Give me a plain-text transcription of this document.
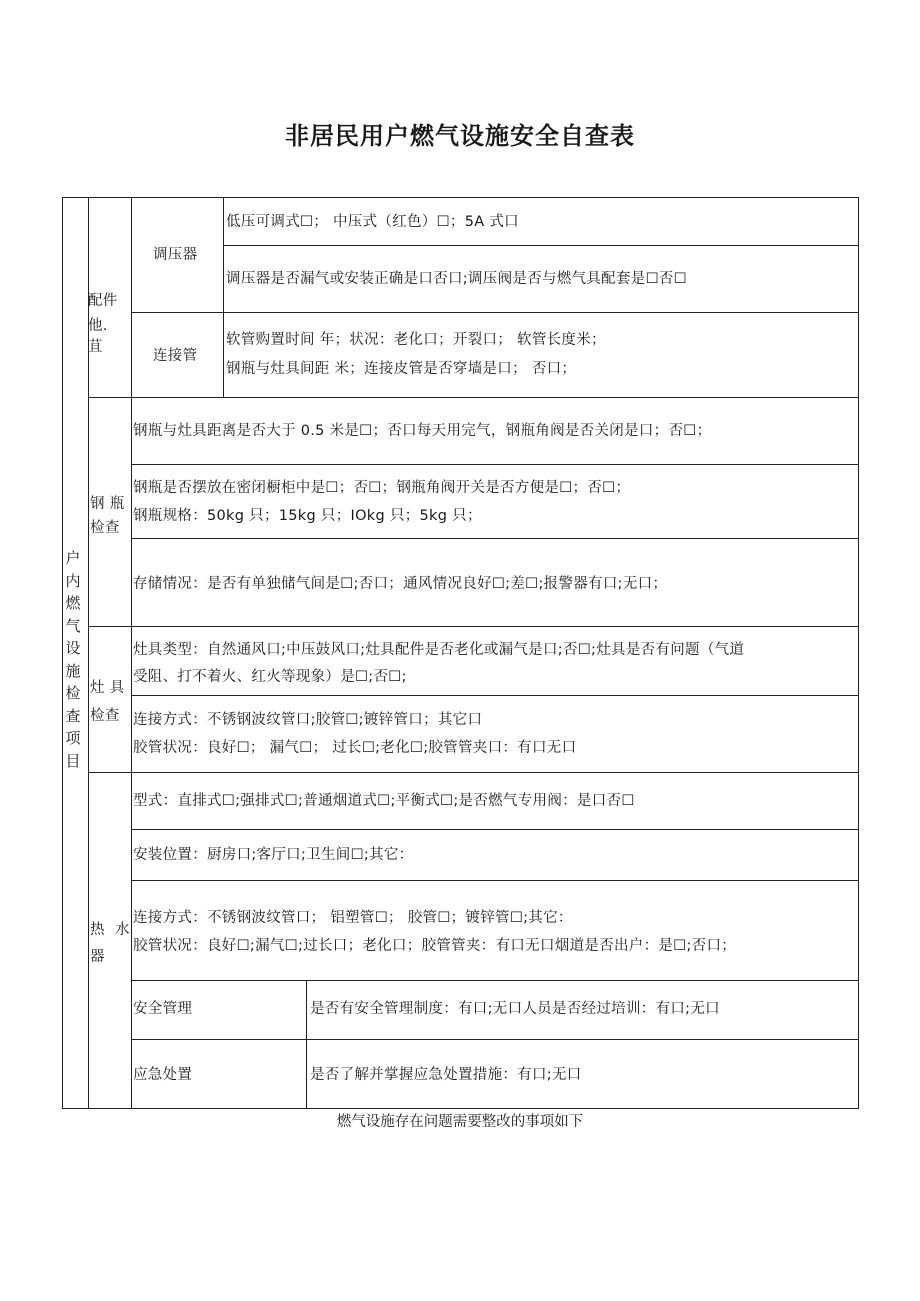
非居民用户燃气设施安全自查表
户
内
燃
气
设
施
检
查
项
目
配件
他.
苴
调压器
低压可调式☐； 中压式（红色）☐；5A 式口
调压器是否漏气或安装正确是口否口;调压阀是否与燃气具配套是☐否☐
连接管
软管购置时间 年；状况：老化口；开裂口； 软管长度米；
钢瓶与灶具间距 米；连接皮管是否穿墙是口； 否口；
钢 瓶
检查
钢瓶与灶具距离是否大于 0.5 米是☐；否口每天用完气，钢瓶角阀是否关闭是口；否☐；
钢瓶是否摆放在密闭橱柜中是☐；否☐；钢瓶角阀开关是否方便是☐；否☐；
钢瓶规格：50kg 只；15kg 只；IOkg 只；5kg 只；
存储情况：是否有单独储气间是☐;否口；通风情况良好☐;差☐;报警器有口;无口；
灶 具
检查
灶具类型：自然通风口;中压鼓风口;灶具配件是否老化或漏气是口;否☐;灶具是否有问题（气道
受阻、打不着火、红火等现象）是☐;否☐;
连接方式：不锈钢波纹管口;胶管☐;镀锌管口；其它口
胶管状况：良好☐； 漏气☐； 过长☐;老化☐;胶管管夹口：有口无口
热 水
器
型式：直排式☐;强排式☐;普通烟道式☐;平衡式☐;是否燃气专用阀：是口否☐
安装位置：厨房口;客厅口;卫生间☐;其它：
连接方式：不锈钢波纹管口； 铝塑管☐； 胶管☐；镀锌管☐;其它：
胶管状况：良好☐;漏气☐;过长口；老化口；胶管管夹：有口无口烟道是否出户：是☐;否口；
安全管理	是否有安全管理制度：有口;无口人员是否经过培训：有口;无口
应急处置	是否了解并掌握应急处置措施：有口;无口
燃气设施存在问题需要整改的事项如下
